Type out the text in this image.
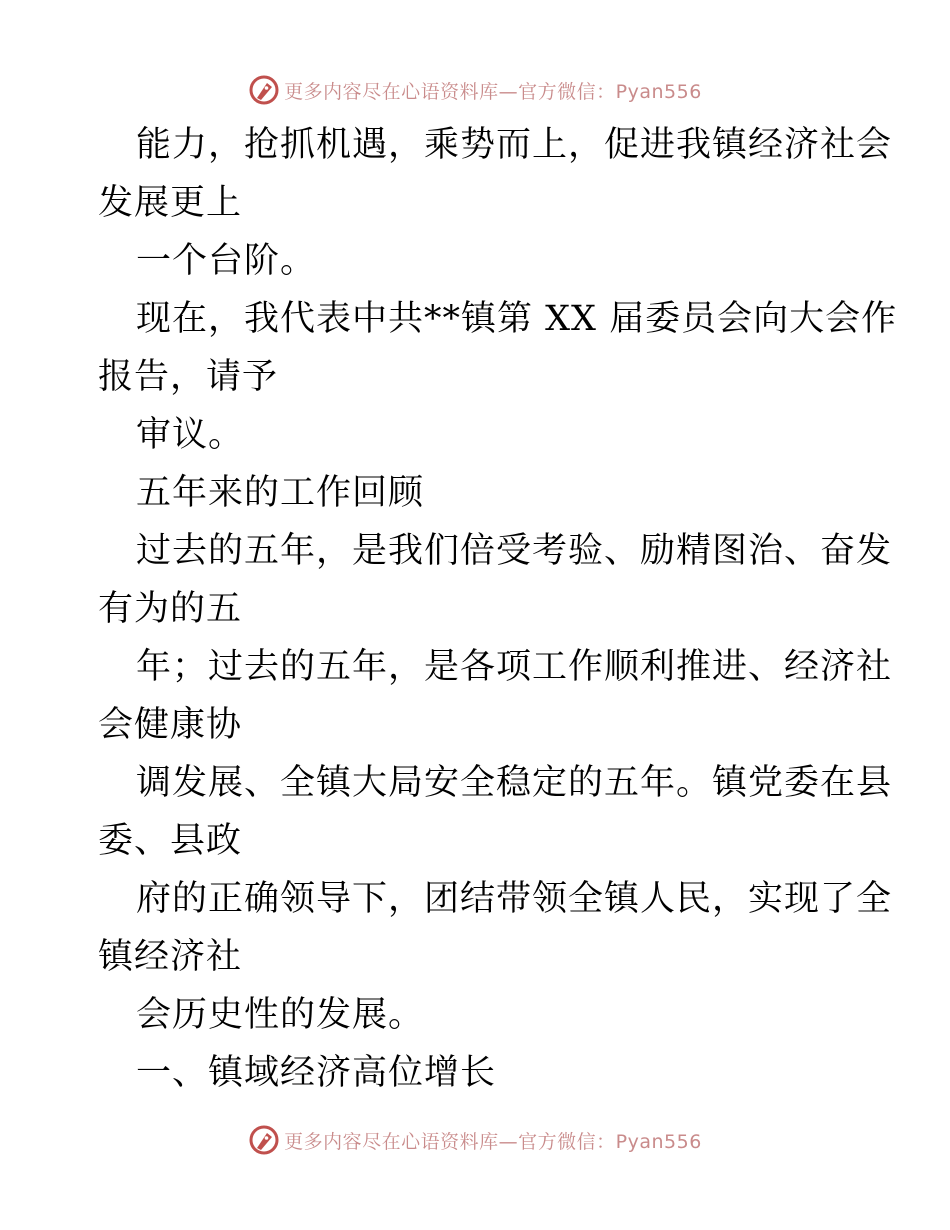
更多内容尽在心语资料库—官方微信：Pyan556
能力，抢抓机遇，乘势而上，促进我镇经济社会
发展更上
一个台阶。
现在，我代表中共**镇第 XX 届委员会向大会作
报告，请予
审议。
五年来的工作回顾
过去的五年，是我们倍受考验、励精图治、奋发
有为的五
年；过去的五年，是各项工作顺利推进、经济社
会健康协
调发展、全镇大局安全稳定的五年。镇党委在县
委、县政
府的正确领导下，团结带领全镇人民，实现了全
镇经济社
会历史性的发展。
一、镇域经济高位增长
更多内容尽在心语资料库—官方微信：Pyan556
